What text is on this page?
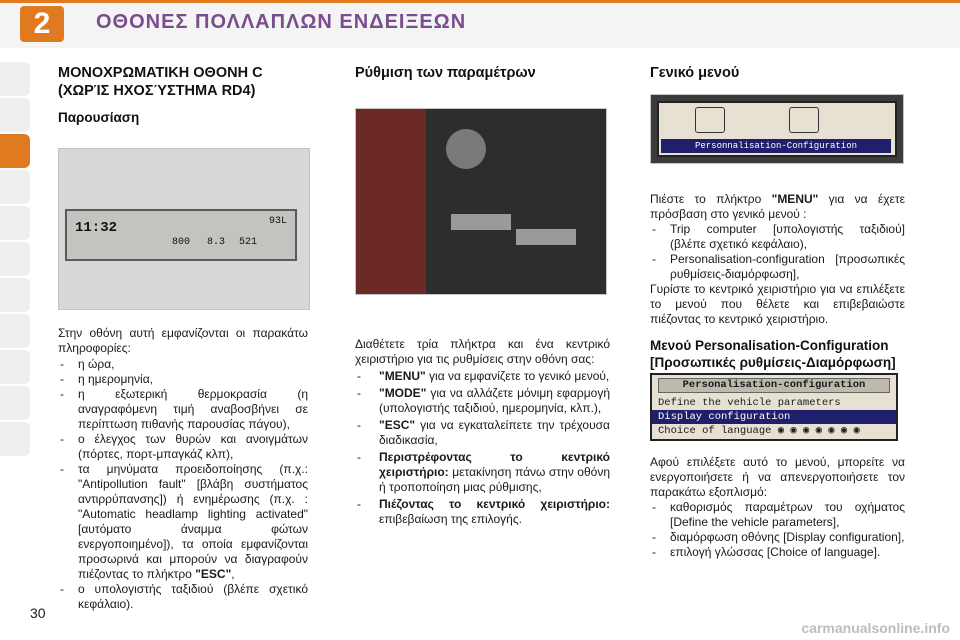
2	ΟΘΟΝΕΣ ΠΟΛΛΑΠΛΩΝ ΕΝΔΕΙΞΕΩΝ
ΜΟΝΟΧΡΩΜΑΤΙΚΗ ΟΘΟΝΗ C (ΧΩΡΊΣ ΗΧΟΣΎΣΤΗΜΑ RD4)
Παρουσίαση
11:32	93L
800 8.3 521

Στην οθόνη αυτή εμφανίζονται οι παρακάτω πληροφορίες:

- η ώρα,
- η ημερομηνία,
- η εξωτερική θερμοκρασία (η αναγραφόμενη τιμή αναβοσβήνει σε περίπτωση πιθανής παρουσίας πάγου),
- ο έλεγχος των θυρών και ανοιγμάτων (πόρτες, πορτ-μπαγκάζ κλπ),
- τα μηνύματα προειδοποίησης (π.χ.: "Antipollution fault" [βλάβη συστήματος αντιρρύπανσης]) ή ενημέρωσης (π.χ. : "Automatic headlamp lighting activated" [αυτόματο άναμμα φώτων ενεργοποιημένο]), τα οποία εμφανίζονται προσωρινά και μπορούν να διαγραφούν πιέζοντας το πλήκτρο "ESC",
- ο υπολογιστής ταξιδιού (βλέπε σχετικό κεφάλαιο).
Ρύθμιση των παραμέτρων

Διαθέτετε τρία πλήκτρα και ένα κεντρικό χειριστήριο για τις ρυθμίσεις στην οθόνη σας:

- "MENU" για να εμφανίζετε το γενικό μενού,
- "MODE" για να αλλάζετε μόνιμη εφαρμογή (υπολογιστής ταξιδιού, ημερομηνία, κλπ.),
- "ESC" για να εγκαταλείπετε την τρέχουσα διαδικασία,
- Περιστρέφοντας το κεντρικό χειριστήριο: μετακίνηση πάνω στην οθόνη ή τροποποίηση μιας ρύθμισης,
- Πιέζοντας το κεντρικό χειριστήριο: επιβεβαίωση της επιλογής.
Γενικό μενού
Personnalisation-Configuration

Πιέστε το πλήκτρο "MENU" για να έχετε πρόσβαση στο γενικό μενού :

- Trip computer [υπολογιστής ταξιδιού] (βλέπε σχετικό κεφάλαιο),
- Personalisation-configuration [προσωπικές ρυθμίσεις-διαμόρφωση],

Γυρίστε το κεντρικό χειριστήριο για να επιλέξετε το μενού που θέλετε και επιβεβαιώστε πιέζοντας το κεντρικό χειριστήριο.

Μενού Personalisation-Configuration [Προσωπικές ρυθμίσεις-Διαμόρφωση]
Personalisation-configuration
Define the vehicle parameters
Display configuration
Choice of language ◉ ◉ ◉ ◉ ◉ ◉ ◉

Αφού επιλέξετε αυτό το μενού, μπορείτε να ενεργοποιήσετε ή να απενεργοποιήσετε τον παρακάτω εξοπλισμό:

- καθορισμός παραμέτρων του οχήματος [Define the vehicle parameters],
- διαμόρφωση οθόνης [Display configuration],
- επιλογή γλώσσας [Choice of language].
30
carmanualsonline.info
